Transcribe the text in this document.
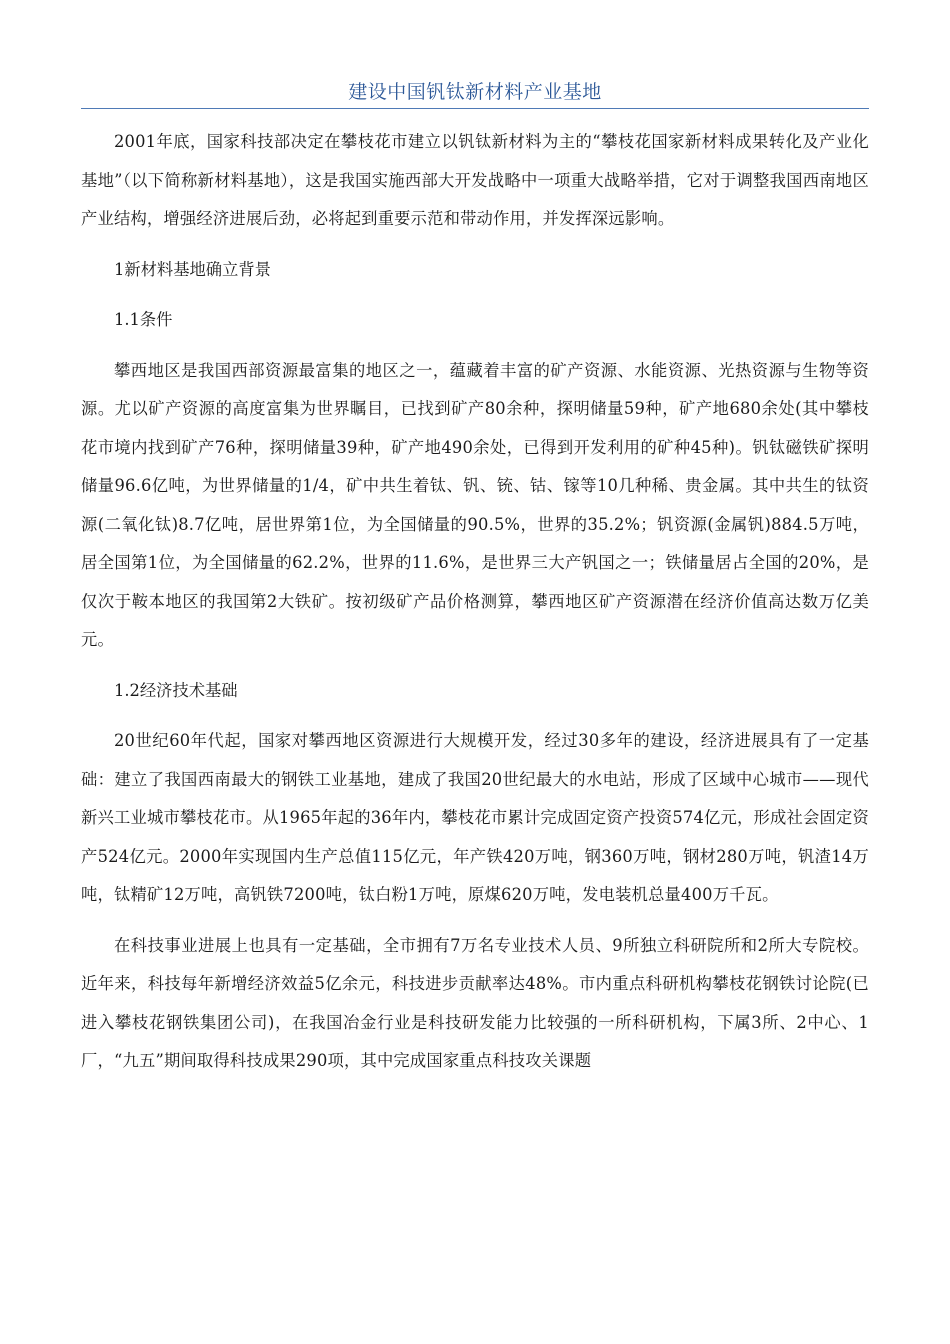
建设中国钒钛新材料产业基地

2001年底，国家科技部决定在攀枝花市建立以钒钛新材料为主的“攀枝花国家新材料成果转化及产业化基地”（以下简称新材料基地），这是我国实施西部大开发战略中一项重大战略举措，它对于调整我国西南地区产业结构，增强经济进展后劲，必将起到重要示范和带动作用，并发挥深远影响。

1新材料基地确立背景

1.1条件

攀西地区是我国西部资源最富集的地区之一，蕴藏着丰富的矿产资源、水能资源、光热资源与生物等资源。尤以矿产资源的高度富集为世界瞩目，已找到矿产80余种，探明储量59种，矿产地680余处(其中攀枝花市境内找到矿产76种，探明储量39种，矿产地490余处，已得到开发利用的矿种45种)。钒钛磁铁矿探明储量96.6亿吨，为世界储量的1/4，矿中共生着钛、钒、铳、钴、镓等10几种稀、贵金属。其中共生的钛资源(二氧化钛)8.7亿吨，居世界第1位，为全国储量的90.5%，世界的35.2%；钒资源(金属钒)884.5万吨，居全国第1位，为全国储量的62.2%，世界的11.6%，是世界三大产钒国之一；铁储量居占全国的20%，是仅次于鞍本地区的我国第2大铁矿。按初级矿产品价格测算，攀西地区矿产资源潜在经济价值高达数万亿美元。

1.2经济技术基础

20世纪60年代起，国家对攀西地区资源进行大规模开发，经过30多年的建设，经济进展具有了一定基础：建立了我国西南最大的钢铁工业基地，建成了我国20世纪最大的水电站，形成了区域中心城市——现代新兴工业城市攀枝花市。从1965年起的36年内，攀枝花市累计完成固定资产投资574亿元，形成社会固定资产524亿元。2000年实现国内生产总值115亿元，年产铁420万吨，钢360万吨，钢材280万吨，钒渣14万吨，钛精矿12万吨，高钒铁7200吨，钛白粉1万吨，原煤620万吨，发电装机总量400万千瓦。

在科技事业进展上也具有一定基础，全市拥有7万名专业技术人员、9所独立科研院所和2所大专院校。近年来，科技每年新增经济效益5亿余元，科技进步贡献率达48%。市内重点科研机构攀枝花钢铁讨论院(已进入攀枝花钢铁集团公司)，在我国冶金行业是科技研发能力比较强的一所科研机构，下属3所、2中心、1厂，“九五”期间取得科技成果290项，其中完成国家重点科技攻关课题
